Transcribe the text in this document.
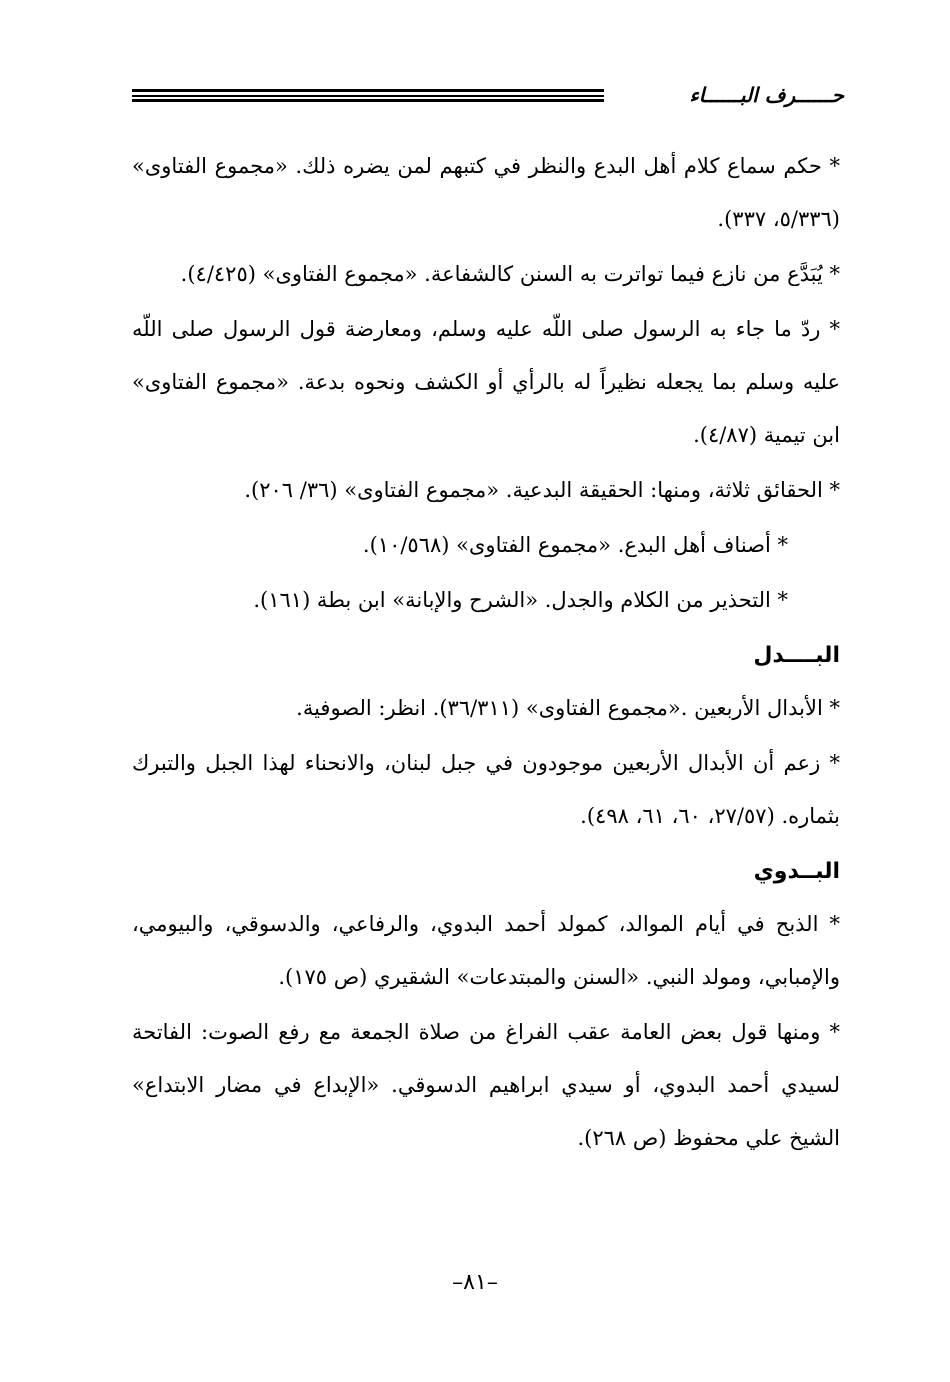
حــــــرف البــــــاء
* حكم سماع كلام أهل البدع والنظر في كتبهم لمن يضره ذلك. «مجموع الفتاوى» (٥/٣٣٦، ٣٣٧).
* يُبَدَّع من نازع فيما تواترت به السنن كالشفاعة. «مجموع الفتاوى» (٤/٤٢٥).
* ردّ ما جاء به الرسول صلى اللّه عليه وسلم، ومعارضة قول الرسول صلى اللّه عليه وسلم بما يجعله نظيراً له بالرأي أو الكشف ونحوه بدعة. «مجموع الفتاوى» ابن تيمية (٤/٨٧).
* الحقائق ثلاثة، ومنها: الحقيقة البدعية. «مجموع الفتاوى» (٣٦/ ٢٠٦).
* أصناف أهل البدع. «مجموع الفتاوى» (١٠/٥٦٨).
* التحذير من الكلام والجدل. «الشرح والإبانة» ابن بطة (١٦١).
البــــدل
* الأبدال الأربعين .«مجموع الفتاوى» (٣٦/٣١١). انظر: الصوفية.
* زعم أن الأبدال الأربعين موجودون في جبل لبنان، والانحناء لهذا الجبل والتبرك بثماره. (٢٧/٥٧، ٦٠، ٦١، ٤٩٨).
البــدوي
* الذبح في أيام الموالد، كمولد أحمد البدوي، والرفاعي، والدسوقي، والبيومي، والإمبابي، ومولد النبي. «السنن والمبتدعات» الشقيري (ص ١٧٥).
* ومنها قول بعض العامة عقب الفراغ من صلاة الجمعة مع رفع الصوت: الفاتحة لسيدي أحمد البدوي، أو سيدي ابراهيم الدسوقي. «الإبداع في مضار الابتداع» الشيخ علي محفوظ (ص ٢٦٨).
–٨١–
